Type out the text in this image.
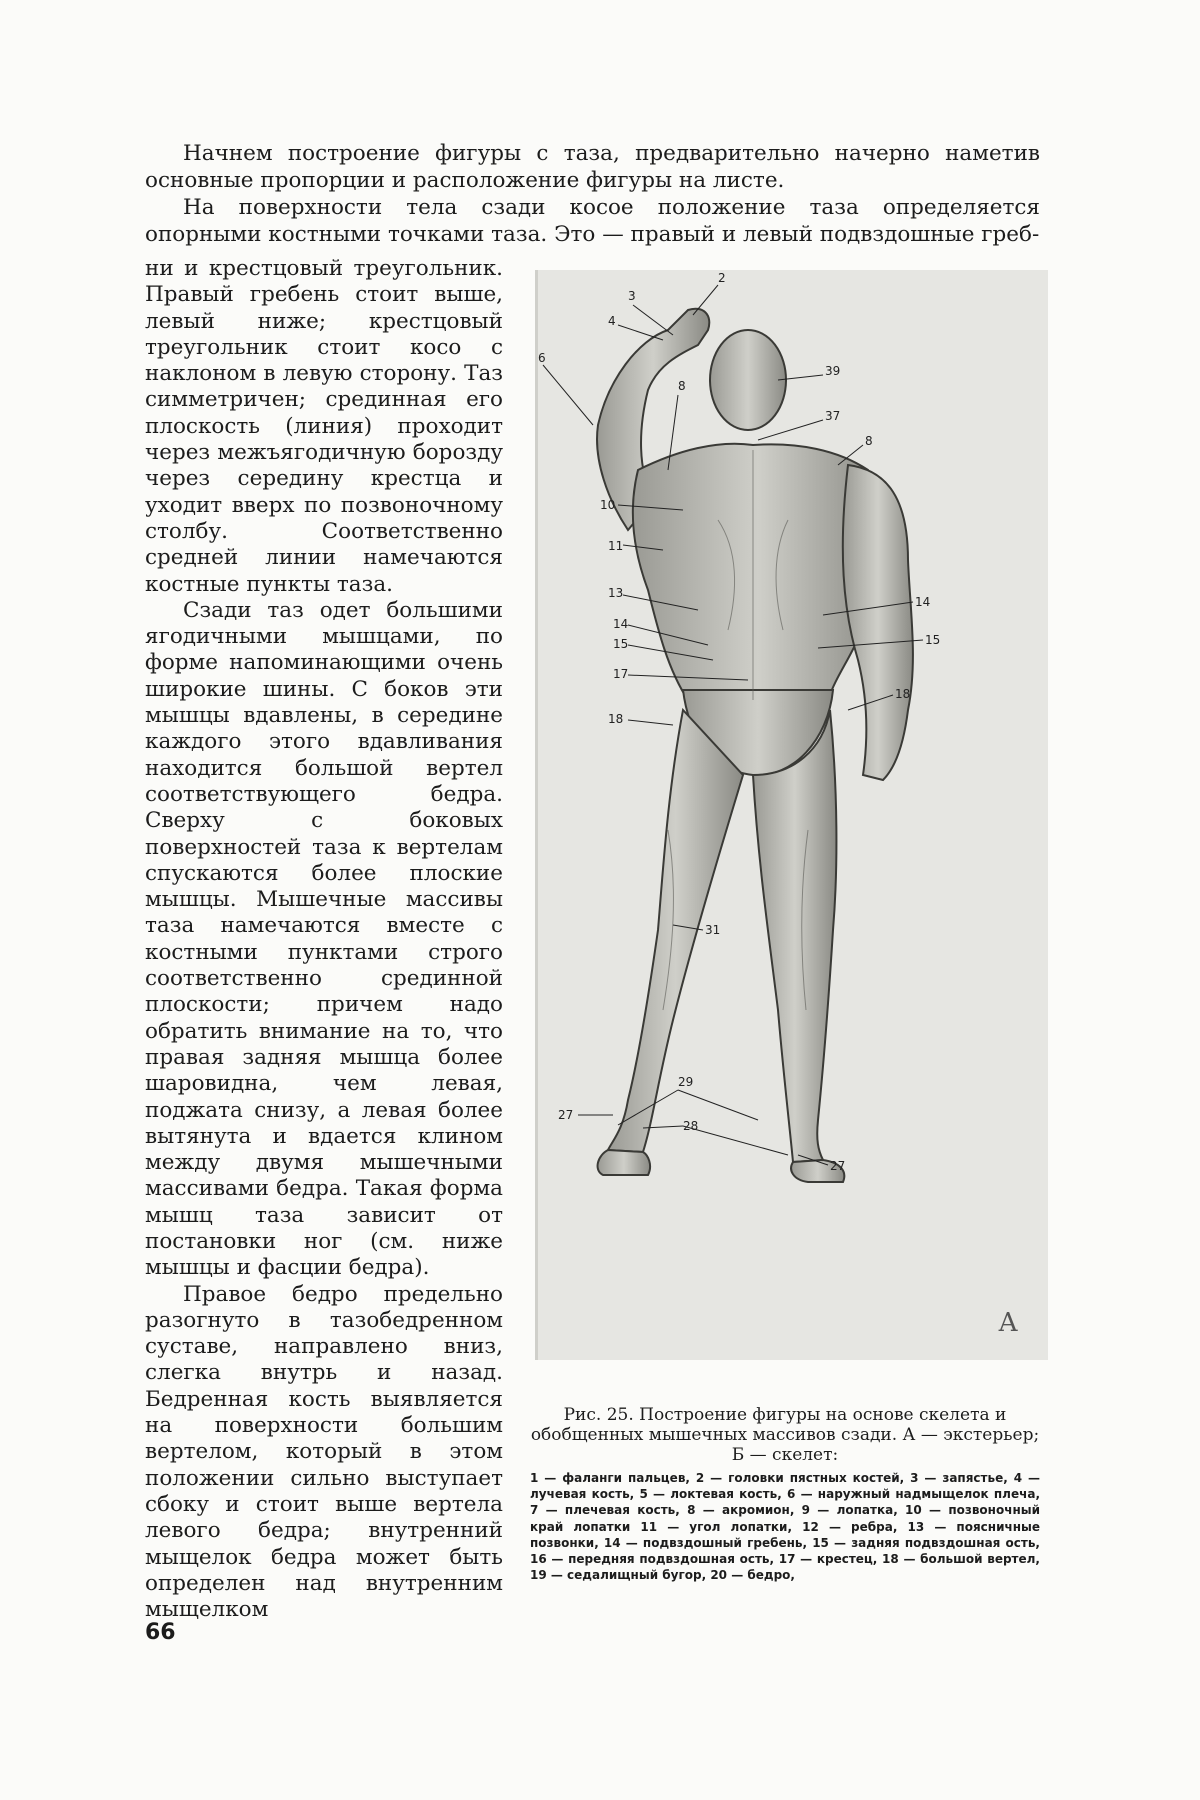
Начнем построение фигуры с таза, предварительно начерно наметив основные пропорции и расположение фигуры на листе.

На поверхности тела сзади косое положение таза определяется опорными костными точками таза. Это — правый и левый подвздошные греб-

ни и крестцовый треугольник. Правый гребень стоит выше, левый ниже; крестцовый треугольник стоит косо с наклоном в левую сторону. Таз симметричен; срединная его плоскость (линия) проходит через межъягодичную борозду через середину крестца и уходит вверх по позвоночному столбу. Соответственно средней линии намечаются костные пункты таза.

Сзади таз одет большими ягодичными мышцами, по форме напоминающими очень широкие шины. С боков эти мышцы вдавлены, в середине каждого этого вдавливания находится большой вертел соответствующего бедра. Сверху с боковых поверхностей таза к вертелам спускаются более плоские мышцы. Мышечные массивы таза намечаются вместе с костными пунктами строго соответственно срединной плоскости; причем надо обратить внимание на то, что правая задняя мышца более шаровидна, чем левая, поджата снизу, а левая более вытянута и вдается клином между двумя мышечными массивами бедра. Такая форма мышц таза зависит от постановки ног (см. ниже мышцы и фасции бедра).

Правое бедро предельно разогнуто в тазобедренном суставе, направлено вниз, слегка внутрь и назад. Бедренная кость выявляется на поверхности большим вертелом, который в этом положении сильно выступает сбоку и стоит выше вертела левого бедра; внутренний мыщелок бедра может быть определен над внутренним мыщелком

3
4
2
6
8
39
37
8
10
11
13
14
14
15	15
17
18
18
31
29
27
28
27
А
Рис. 25. Построение фигуры на основе скелета и обобщенных мышечных массивов сзади. А — экстерьер; Б — скелет:
1 — фаланги пальцев, 2 — головки пястных костей, 3 — запястье, 4 — лучевая кость, 5 — локтевая кость, 6 — наружный надмыщелок плеча, 7 — плечевая кость, 8 — акромион, 9 — лопатка, 10 — позвоночный край лопатки 11 — угол лопатки, 12 — ребра, 13 — поясничные позвонки, 14 — подвздошный гребень, 15 — задняя подвздошная ость, 16 — передняя подвздошная ость, 17 — крестец, 18 — большой вертел, 19 — седалищный бугор, 20 — бедро,
66
